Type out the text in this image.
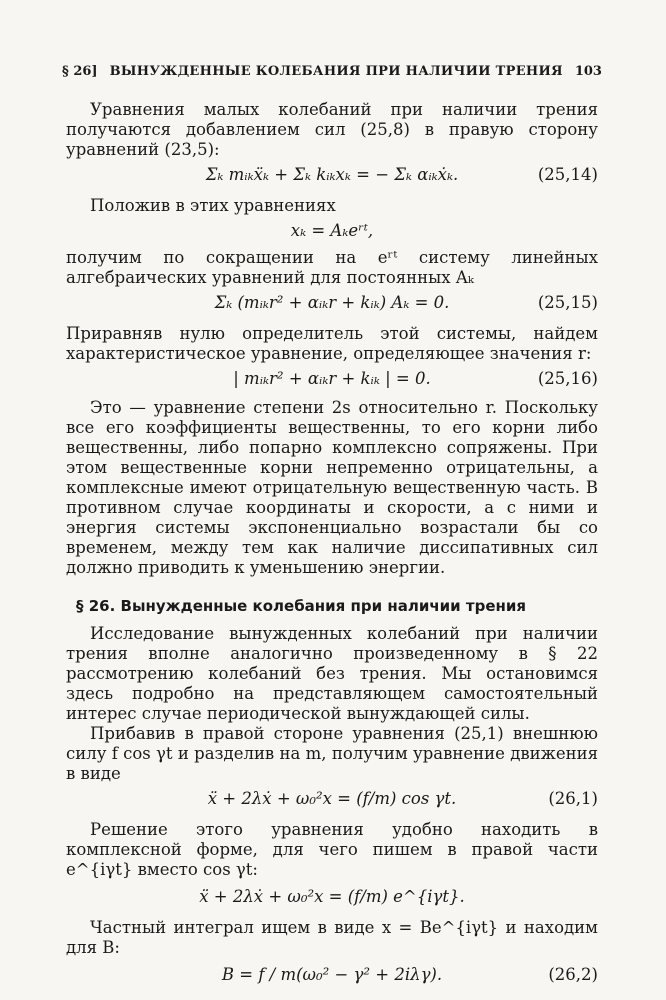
§ 26] ВЫНУЖДЕННЫЕ КОЛЕБАНИЯ ПРИ НАЛИЧИИ ТРЕНИЯ 103

Уравнения малых колебаний при наличии трения получаются добавлением сил (25,8) в правую сторону уравнений (23,5):

Σₖ mᵢₖẍₖ + Σₖ kᵢₖxₖ = − Σₖ αᵢₖẋₖ.	(25,14)

Положив в этих уравнениях

xₖ = Aₖeʳᵗ,

получим по сокращении на eʳᵗ систему линейных алгебраических уравнений для постоянных Aₖ

Σₖ (mᵢₖr² + αᵢₖr + kᵢₖ) Aₖ = 0.	(25,15)

Приравняв нулю определитель этой системы, найдем характеристическое уравнение, определяющее значения r:

| mᵢₖr² + αᵢₖr + kᵢₖ | = 0.	(25,16)

Это — уравнение степени 2s относительно r. Поскольку все его коэффициенты вещественны, то его корни либо вещественны, либо попарно комплексно сопряжены. При этом вещественные корни непременно отрицательны, а комплексные имеют отрицательную вещественную часть. В противном случае координаты и скорости, а с ними и энергия системы экспоненциально возрастали бы со временем, между тем как наличие диссипативных сил должно приводить к уменьшению энергии.

§ 26. Вынужденные колебания при наличии трения

Исследование вынужденных колебаний при наличии трения вполне аналогично произведенному в § 22 рассмотрению колебаний без трения. Мы остановимся здесь подробно на представляющем самостоятельный интерес случае периодической вынуждающей силы.

Прибавив в правой стороне уравнения (25,1) внешнюю силу f cos γt и разделив на m, получим уравнение движения в виде

ẍ + 2λẋ + ω₀²x = (f/m) cos γt.	(26,1)

Решение этого уравнения удобно находить в комплексной форме, для чего пишем в правой части e^{iγt} вместо cos γt:

ẍ + 2λẋ + ω₀²x = (f/m) e^{iγt}.

Частный интеграл ищем в виде x = Be^{iγt} и находим для B:

B = f / m(ω₀² − γ² + 2iλγ).	(26,2)
